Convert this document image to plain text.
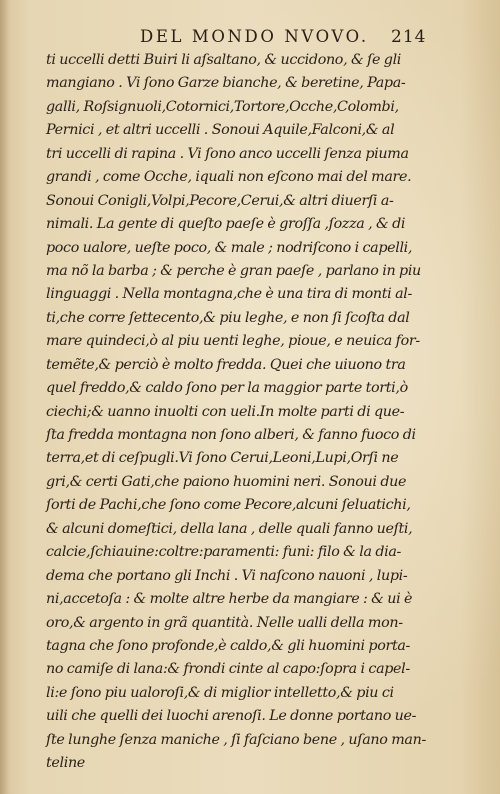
DEL MONDO NVOVO. 214
ti uccelli detti Buiri li aſsaltano, & uccidono, & ſe gli
mangiano . Vi ſono Garze bianche, & beretine, Papa-
galli, Roſsignuoli,Cotornici,Tortore,Ocche,Colombi,
Pernici , et altri uccelli . Sonoui Aquile,Falconi,& al
tri uccelli di rapina . Vi ſono anco uccelli ſenza piuma
grandi , come Ocche, iquali non eſcono mai del mare.
Sonoui Conigli,Volpi,Pecore,Cerui,& altri diuerſi a-
nimali. La gente di queſto paeſe è groſſa ,ſozza , & di
poco ualore, ueſte poco, & male ; nodriſcono i capelli,
ma nõ la barba ; & perche è gran paeſe , parlano in piu
linguaggi . Nella montagna,che è una tira di monti al-
ti,che corre ſettecento,& piu leghe, e non ſi ſcoſta dal
mare quindeci,ò al piu uenti leghe, pioue, e neuica for-
temẽte,& perciò è molto fredda. Quei che uiuono tra
quel freddo,& caldo ſono per la maggior parte torti,ò
ciechi;& uanno inuolti con ueli.In molte parti di que-
ſta fredda montagna non ſono alberi, & fanno fuoco di
terra,et di ceſpugli.Vi ſono Cerui,Leoni,Lupi,Orſi ne
gri,& certi Gati,che paiono huomini neri. Sonoui due
ſorti de Pachi,che ſono come Pecore,alcuni ſeluatichi,
& alcuni domeſtici, della lana , delle quali fanno ueſti,
calcie,ſchiauine:coltre:paramenti: funi: filo & la dia-
dema che portano gli Inchi . Vi naſcono nauoni , lupi-
ni,accetoſa : & molte altre herbe da mangiare : & ui è
oro,& argento in grã quantità. Nelle ualli della mon-
tagna che ſono profonde,è caldo,& gli huomini porta-
no camiſe di lana:& frondi cinte al capo:ſopra i capel-
li:e ſono piu ualoroſi,& di miglior intelletto,& piu ci
uili che quelli dei luochi arenoſi. Le donne portano ue-
ſte lunghe ſenza maniche , ſi faſciano bene , uſano man-
teline
